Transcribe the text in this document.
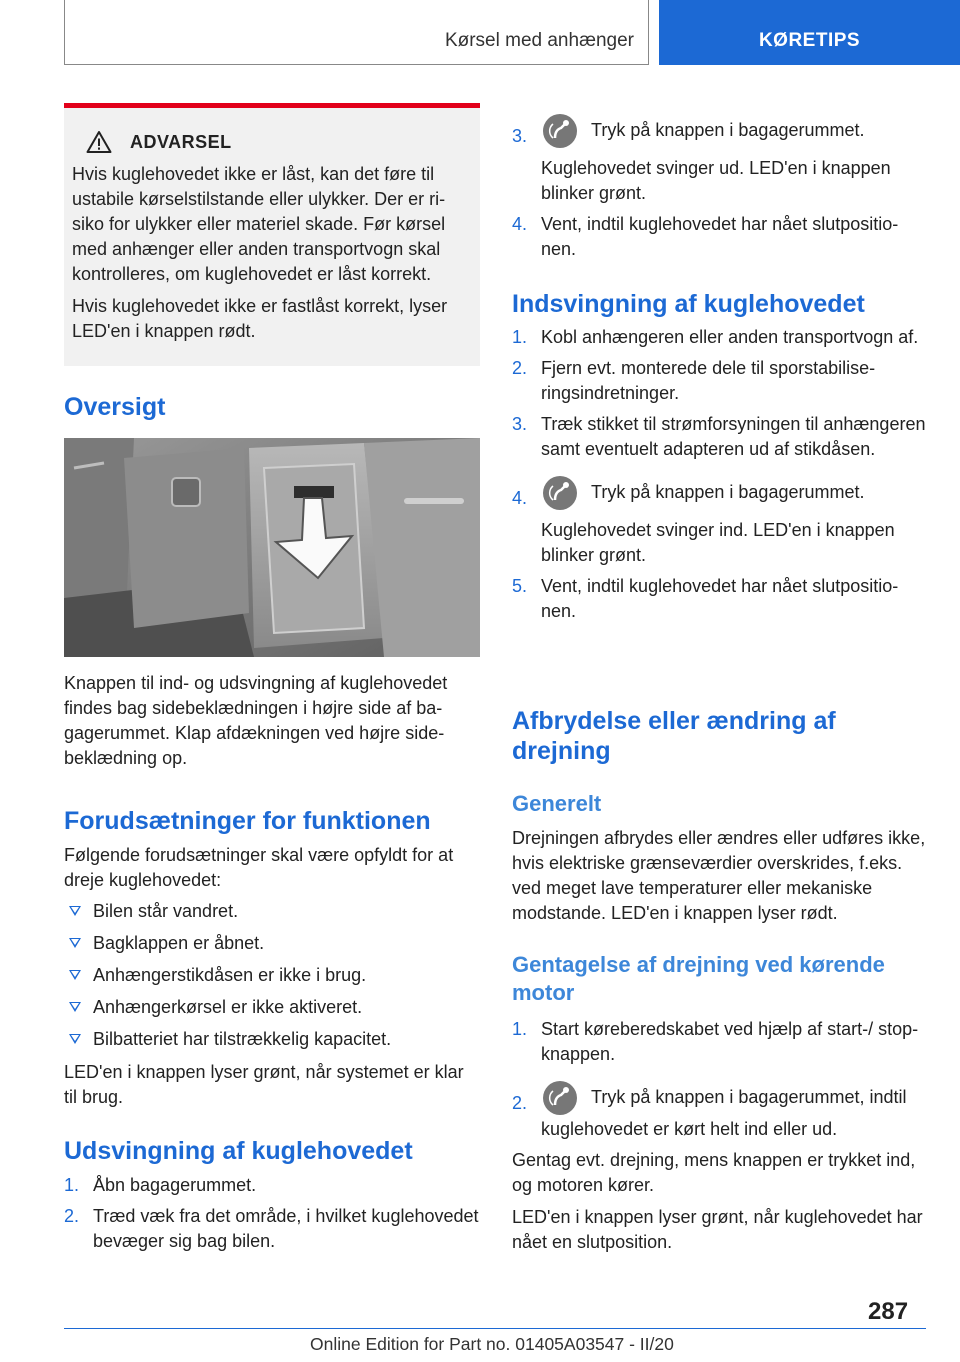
Kørsel med anhænger	KØRETIPS
ADVARSEL

Hvis kuglehovedet ikke er låst, kan det føre til ustabile kørselstilstande eller ulykker. Der er risiko for ulykker eller materiel skade. Før kørsel med anhænger eller anden transportvogn skal kontrolleres, om kuglehovedet er låst korrekt.

Hvis kuglehovedet ikke er fastlåst korrekt, lyser LED'en i knappen rødt.

Oversigt
Knappen til ind- og udsvingning af kuglehovedet findes bag sidebeklædningen i højre side af bagagerummet. Klap afdækningen ved højre sidebeklædning op.
Forudsætninger for funktionen
Følgende forudsætninger skal være opfyldt for at dreje kuglehovedet:
Bilen står vandret.
Bagklappen er åbnet.
Anhængerstikdåsen er ikke i brug.
Anhængerkørsel er ikke aktiveret.
Bilbatteriet har tilstrækkelig kapacitet.
LED'en i knappen lyser grønt, når systemet er klar til brug.
Udsvingning af kuglehovedet
1. Åbn bagagerummet.
2. Træd væk fra det område, i hvilket kuglehovedet bevæger sig bag bilen.
3.	Tryk på knappen i bagagerummet.
Kuglehovedet svinger ud. LED'en i knappen blinker grønt.
4. Vent, indtil kuglehovedet har nået slutpositionen.
Indsvingning af kuglehovedet
1. Kobl anhængeren eller anden transportvogn af.
2. Fjern evt. monterede dele til sporstabiliseringsindretninger.
3. Træk stikket til strømforsyningen til anhængeren samt eventuelt adapteren ud af stikdåsen.
4.	Tryk på knappen i bagagerummet.
Kuglehovedet svinger ind. LED'en i knappen blinker grønt.
5. Vent, indtil kuglehovedet har nået slutpositionen.
Afbrydelse eller ændring af drejning
Generelt
Drejningen afbrydes eller ændres eller udføres ikke, hvis elektriske grænseværdier overskrides, f.eks. ved meget lave temperaturer eller mekaniske modstande. LED'en i knappen lyser rødt.
Gentagelse af drejning ved kørende motor
1. Start køreberedskabet ved hjælp af start-/ stop-knappen.
2.	Tryk på knappen i bagagerummet, indtil kuglehovedet er kørt helt ind eller ud.
Gentag evt. drejning, mens knappen er trykket ind, og motoren kører.
LED'en i knappen lyser grønt, når kuglehovedet har nået en slutposition.
287
Online Edition for Part no. 01405A03547 - II/20
